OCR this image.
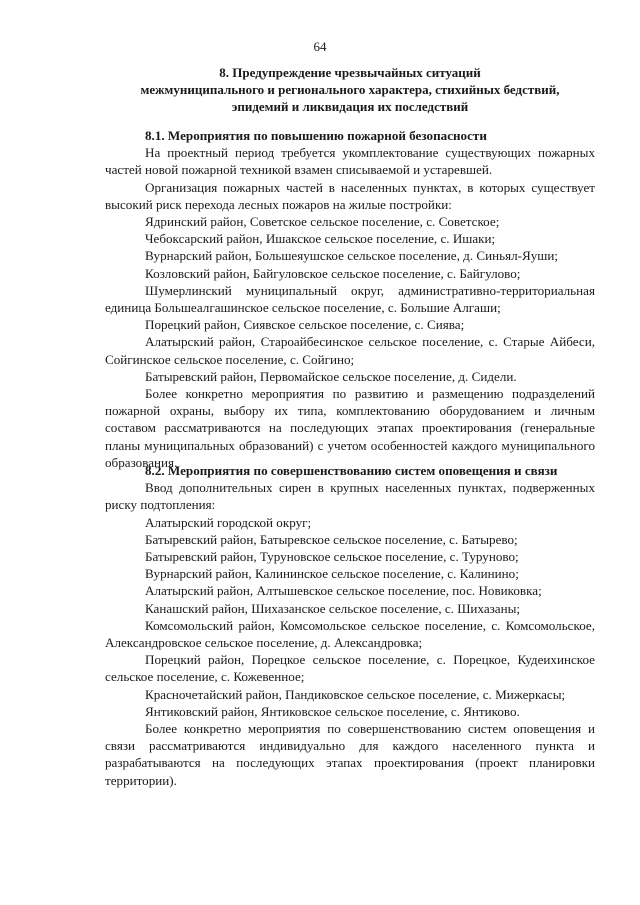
64
8. Предупреждение чрезвычайных ситуаций
межмуниципального и регионального характера, стихийных бедствий,
эпидемий и ликвидация их последствий
8.1. Мероприятия по повышению пожарной безопасности

На проектный период требуется укомплектование существующих пожарных частей новой пожарной техникой взамен списываемой и устаревшей.

Организация пожарных частей в населенных пунктах, в которых существует высокий риск перехода лесных пожаров на жилые постройки:

Ядринский район, Советское сельское поселение, с. Советское;

Чебоксарский район, Ишакское сельское поселение, с. Ишаки;

Вурнарский район, Большеяушское сельское поселение, д. Синьял-Яуши;

Козловский район, Байгуловское сельское поселение, с. Байгулово;

Шумерлинский муниципальный округ, административно-территориальная единица Большеалгашинское сельское поселение, с. Большие Алгаши;

Порецкий район, Сиявское сельское поселение, с. Сиява;

Алатырский район, Староайбесинское сельское поселение, с. Старые Айбеси, Сойгинское сельское поселение, с. Сойгино;

Батыревский район, Первомайское сельское поселение, д. Сидели.

Более конкретно мероприятия по развитию и размещению подразделений пожарной охраны, выбору их типа, комплектованию оборудованием и личным составом рассматриваются на последующих этапах проектирования (генеральные планы муниципальных образований) с учетом особенностей каждого муниципального образования.

8.2. Мероприятия по совершенствованию систем оповещения и связи

Ввод дополнительных сирен в крупных населенных пунктах, подверженных риску подтопления:

Алатырский городской округ;

Батыревский район, Батыревское сельское поселение, с. Батырево;

Батыревский район, Туруновское сельское поселение, с. Туруново;

Вурнарский район, Калининское сельское поселение, с. Калинино;

Алатырский район, Алтышевское сельское поселение, пос. Новиковка;

Канашский район, Шихазанское сельское поселение, с. Шихазаны;

Комсомольский район, Комсомольское сельское поселение, с. Комсомольское, Александровское сельское поселение, д. Александровка;

Порецкий район, Порецкое сельское поселение, с. Порецкое, Кудеихинское сельское поселение, с. Кожевенное;

Красночетайский район, Пандиковское сельское поселение, с. Мижеркасы;

Янтиковский район, Янтиковское сельское поселение, с. Янтиково.

Более конкретно мероприятия по совершенствованию систем оповещения и связи рассматриваются индивидуально для каждого населенного пункта и разрабатываются на последующих этапах проектирования (проект планировки территории).
